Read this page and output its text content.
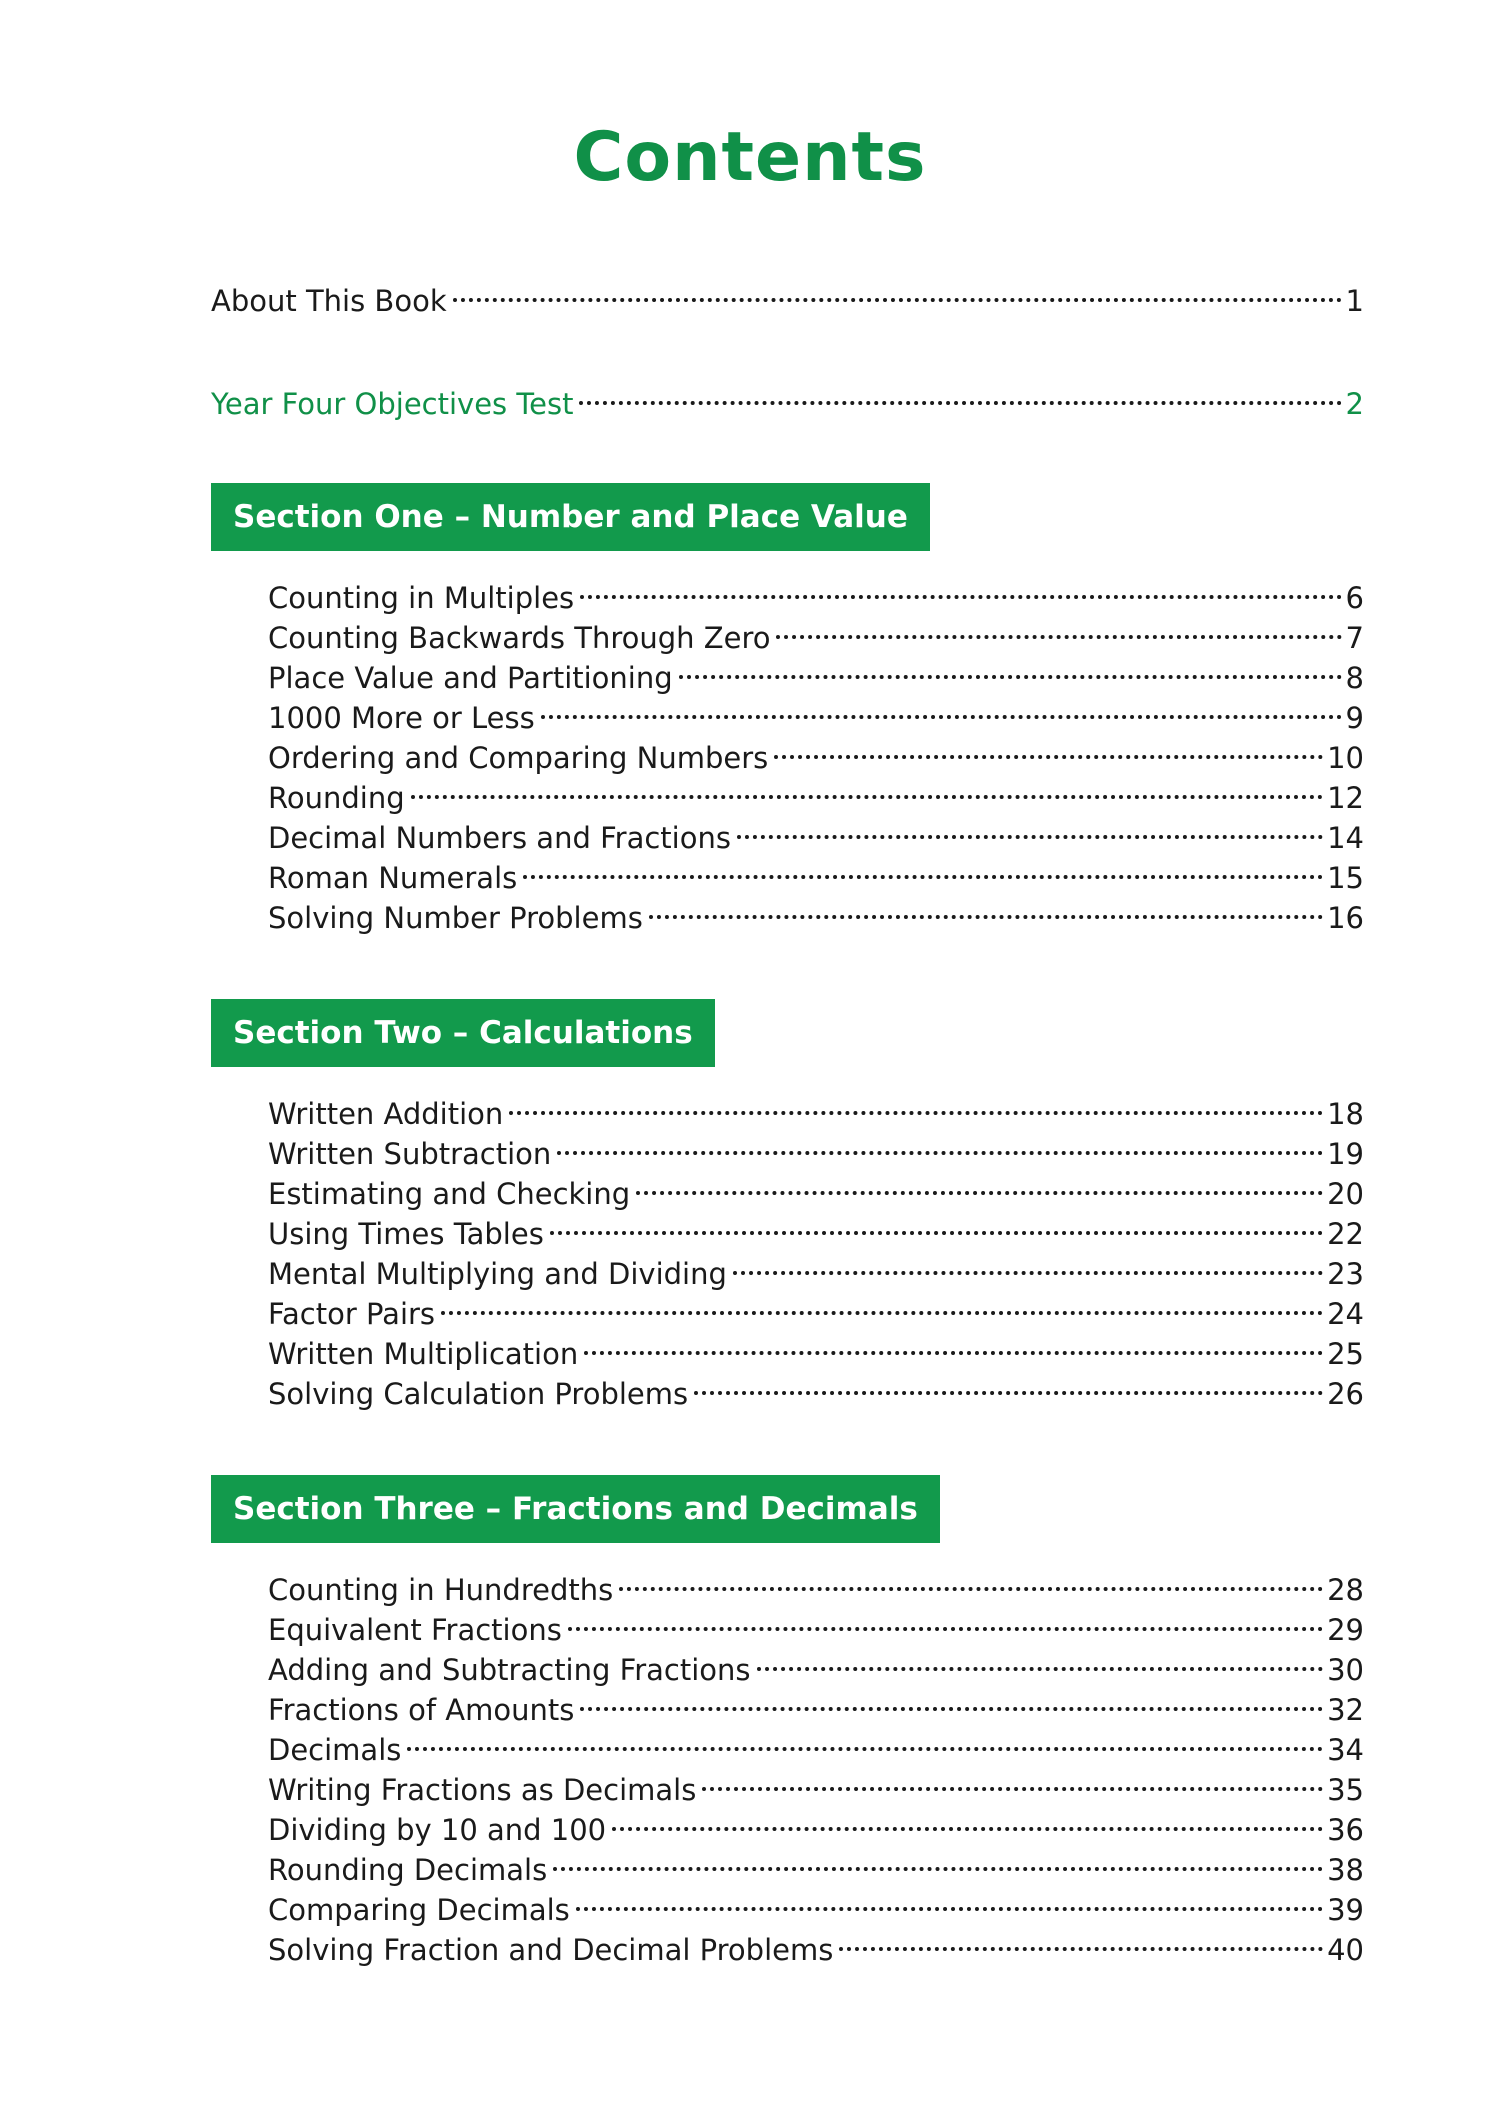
Contents
About This Book	1
Year Four Objectives Test	2
Section One – Number and Place Value
Counting in Multiples	6
Counting Backwards Through Zero	7
Place Value and Partitioning	8
1000 More or Less	9
Ordering and Comparing Numbers	10
Rounding	12
Decimal Numbers and Fractions	14
Roman Numerals	15
Solving Number Problems	16
Section Two – Calculations
Written Addition	18
Written Subtraction	19
Estimating and Checking	20
Using Times Tables	22
Mental Multiplying and Dividing	23
Factor Pairs	24
Written Multiplication	25
Solving Calculation Problems	26
Section Three – Fractions and Decimals
Counting in Hundredths	28
Equivalent Fractions	29
Adding and Subtracting Fractions	30
Fractions of Amounts	32
Decimals	34
Writing Fractions as Decimals	35
Dividing by 10 and 100	36
Rounding Decimals	38
Comparing Decimals	39
Solving Fraction and Decimal Problems	40
